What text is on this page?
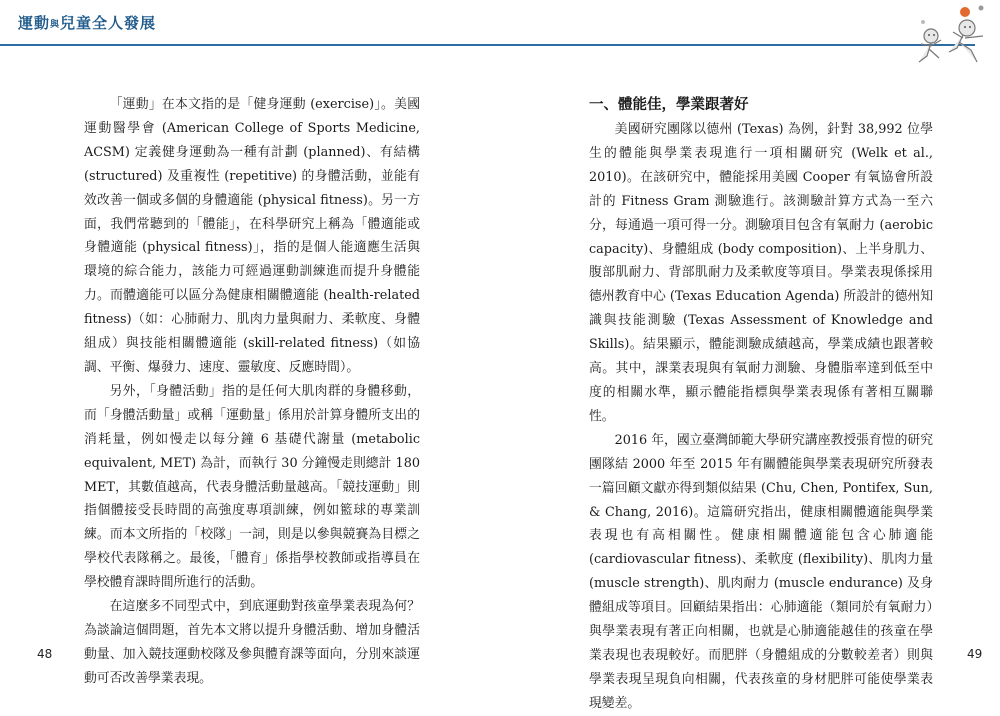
運動與兒童全人發展

「運動」在本文指的是「健身運動 (exercise)」。美國運動醫學會 (American College of Sports Medicine, ACSM) 定義健身運動為一種有計劃 (planned)、有結構 (structured) 及重複性 (repetitive) 的身體活動，並能有效改善一個或多個的身體適能 (physical fitness)。另一方面，我們常聽到的「體能」，在科學研究上稱為「體適能或身體適能 (physical fitness)」，指的是個人能適應生活與環境的綜合能力，該能力可經過運動訓練進而提升身體能力。而體適能可以區分為健康相關體適能 (health-related fitness)（如：心肺耐力、肌肉力量與耐力、柔軟度、身體組成）與技能相關體適能 (skill-related fitness)（如協調、平衡、爆發力、速度、靈敏度、反應時間）。

另外，「身體活動」指的是任何大肌肉群的身體移動，而「身體活動量」或稱「運動量」係用於計算身體所支出的消耗量，例如慢走以每分鐘 6 基礎代謝量 (metabolic equivalent, MET) 為計，而執行 30 分鐘慢走則總計 180 MET，其數值越高，代表身體活動量越高。「競技運動」則指個體接受長時間的高強度專項訓練，例如籃球的專業訓練。而本文所指的「校隊」一詞，則是以參與競賽為目標之學校代表隊稱之。最後，「體育」係指學校教師或指導員在學校體育課時間所進行的活動。

在這麼多不同型式中，到底運動對孩童學業表現為何？為談論這個問題，首先本文將以提升身體活動、增加身體活動量、加入競技運動校隊及參與體育課等面向，分別來談運動可否改善學業表現。

一、體能佳，學業跟著好

美國研究團隊以德州 (Texas) 為例，針對 38,992 位學生的體能與學業表現進行一項相關研究 (Welk et al., 2010)。在該研究中，體能採用美國 Cooper 有氧協會所設計的 Fitness Gram 測驗進行。該測驗計算方式為一至六分，每通過一項可得一分。測驗項目包含有氧耐力 (aerobic capacity)、身體組成 (body composition)、上半身肌力、腹部肌耐力、背部肌耐力及柔軟度等項目。學業表現係採用德州教育中心 (Texas Education Agenda) 所設計的德州知識與技能測驗 (Texas Assessment of Knowledge and Skills)。結果顯示，體能測驗成績越高，學業成績也跟著較高。其中，課業表現與有氧耐力測驗、身體脂率達到低至中度的相關水準，顯示體能指標與學業表現係有著相互關聯性。

2016 年，國立臺灣師範大學研究講座教授張育愷的研究團隊結 2000 年至 2015 年有關體能與學業表現研究所發表一篇回顧文獻亦得到類似結果 (Chu, Chen, Pontifex, Sun, & Chang, 2016)。這篇研究指出，健康相關體適能與學業表現也有高相關性。健康相關體適能包含心肺適能 (cardiovascular fitness)、柔軟度 (flexibility)、肌肉力量 (muscle strength)、肌肉耐力 (muscle endurance) 及身體組成等項目。回顧結果指出：心肺適能（類同於有氧耐力）與學業表現有著正向相關，也就是心肺適能越佳的孩童在學業表現也表現較好。而肥胖（身體組成的分數較差者）則與學業表現呈現負向相關，代表孩童的身材肥胖可能使學業表現變差。

48	49
